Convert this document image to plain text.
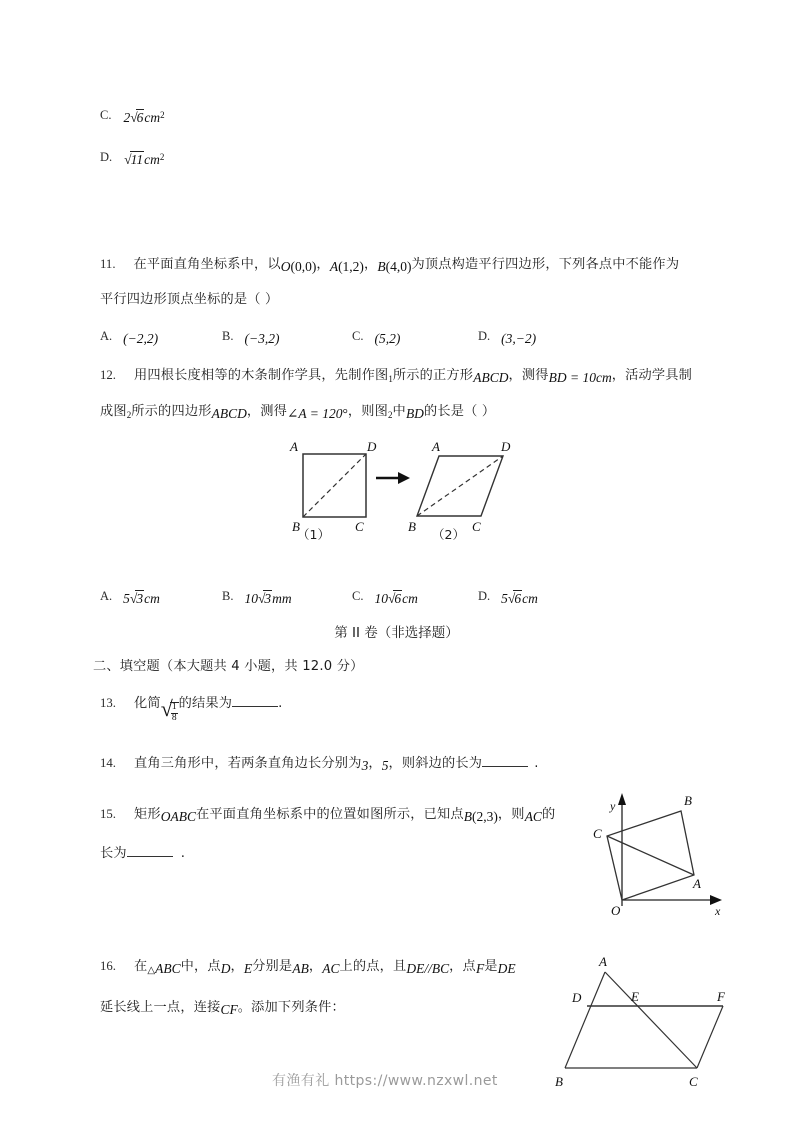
C. $2√6cm^2$
D. $√11cm^2$
11. 在平面直角坐标系中，以O(0,0)，A(1,2)，B(4,0)为顶点构造平行四边形，下列各点中不能作为
平行四边形顶点坐标的是（ ）
A. (−2,2)	B. (−3,2)	C. (5,2)	D. (3,−2)
12. 用四根长度相等的木条制作学具，先制作图$_1$所示的正方形ABCD，测得BD = 10cm，活动学具制
成图$_2$所示的四边形ABCD，测得∠A = 120°，则图$_2$中BD的长是（ ）
A	D
B	C
（1）
A	D
B	C
（2）
A. 5√3cm	B. 10√3mm	C. 10√6cm	D. 5√6cm
第 II 卷（非选择题）
二、填空题（本大题共 4 小题，共 12.0 分）
13. 化简√
$\frac{1}{8}$ 的结果为	.
14. 直角三角形中，若两条直角边长分别为3，5，则斜边的长为	.
15. 矩形OABC在平面直角坐标系中的位置如图所示，已知点B(2,3)，则AC的
长为	.
y
x
O
B
A
C
16. 在△ABC中，点D，E分别是AB，AC上的点，且DE//BC，点F是DE
延长线上一点，连接CF。添加下列条件：
A
D	E	F
B	C
有渔有礼 https://www.nzxwl.net
